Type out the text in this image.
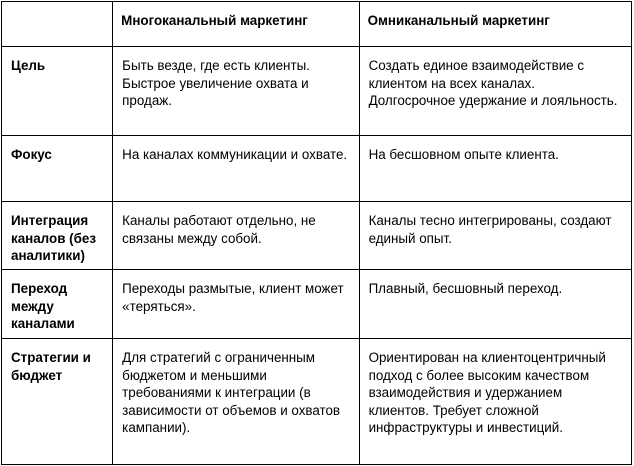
	Многоканальный маркетинг	Омниканальный маркетинг

Цель	Быть везде, где есть клиенты. Быстрое увеличение охвата и продаж.	Создать единое взаимодействие с клиентом на всех каналах. Долгосрочное удержание и лояльность.

Фокус	На каналах коммуникации и охвате.	На бесшовном опыте клиента.

Интеграция каналов (без аналитики)	Каналы работают отдельно, не связаны между собой.	Каналы тесно интегрированы, создают единый опыт.

Переход между каналами	Переходы размытые, клиент может «теряться».	Плавный, бесшовный переход.

Стратегии и бюджет	Для стратегий с ограниченным бюджетом и меньшими требованиями к интеграции (в зависимости от объемов и охватов кампании).	Ориентирован на клиентоцентричный подход с более высоким качеством взаимодействия и удержанием клиентов. Требует сложной инфраструктуры и инвестиций.
